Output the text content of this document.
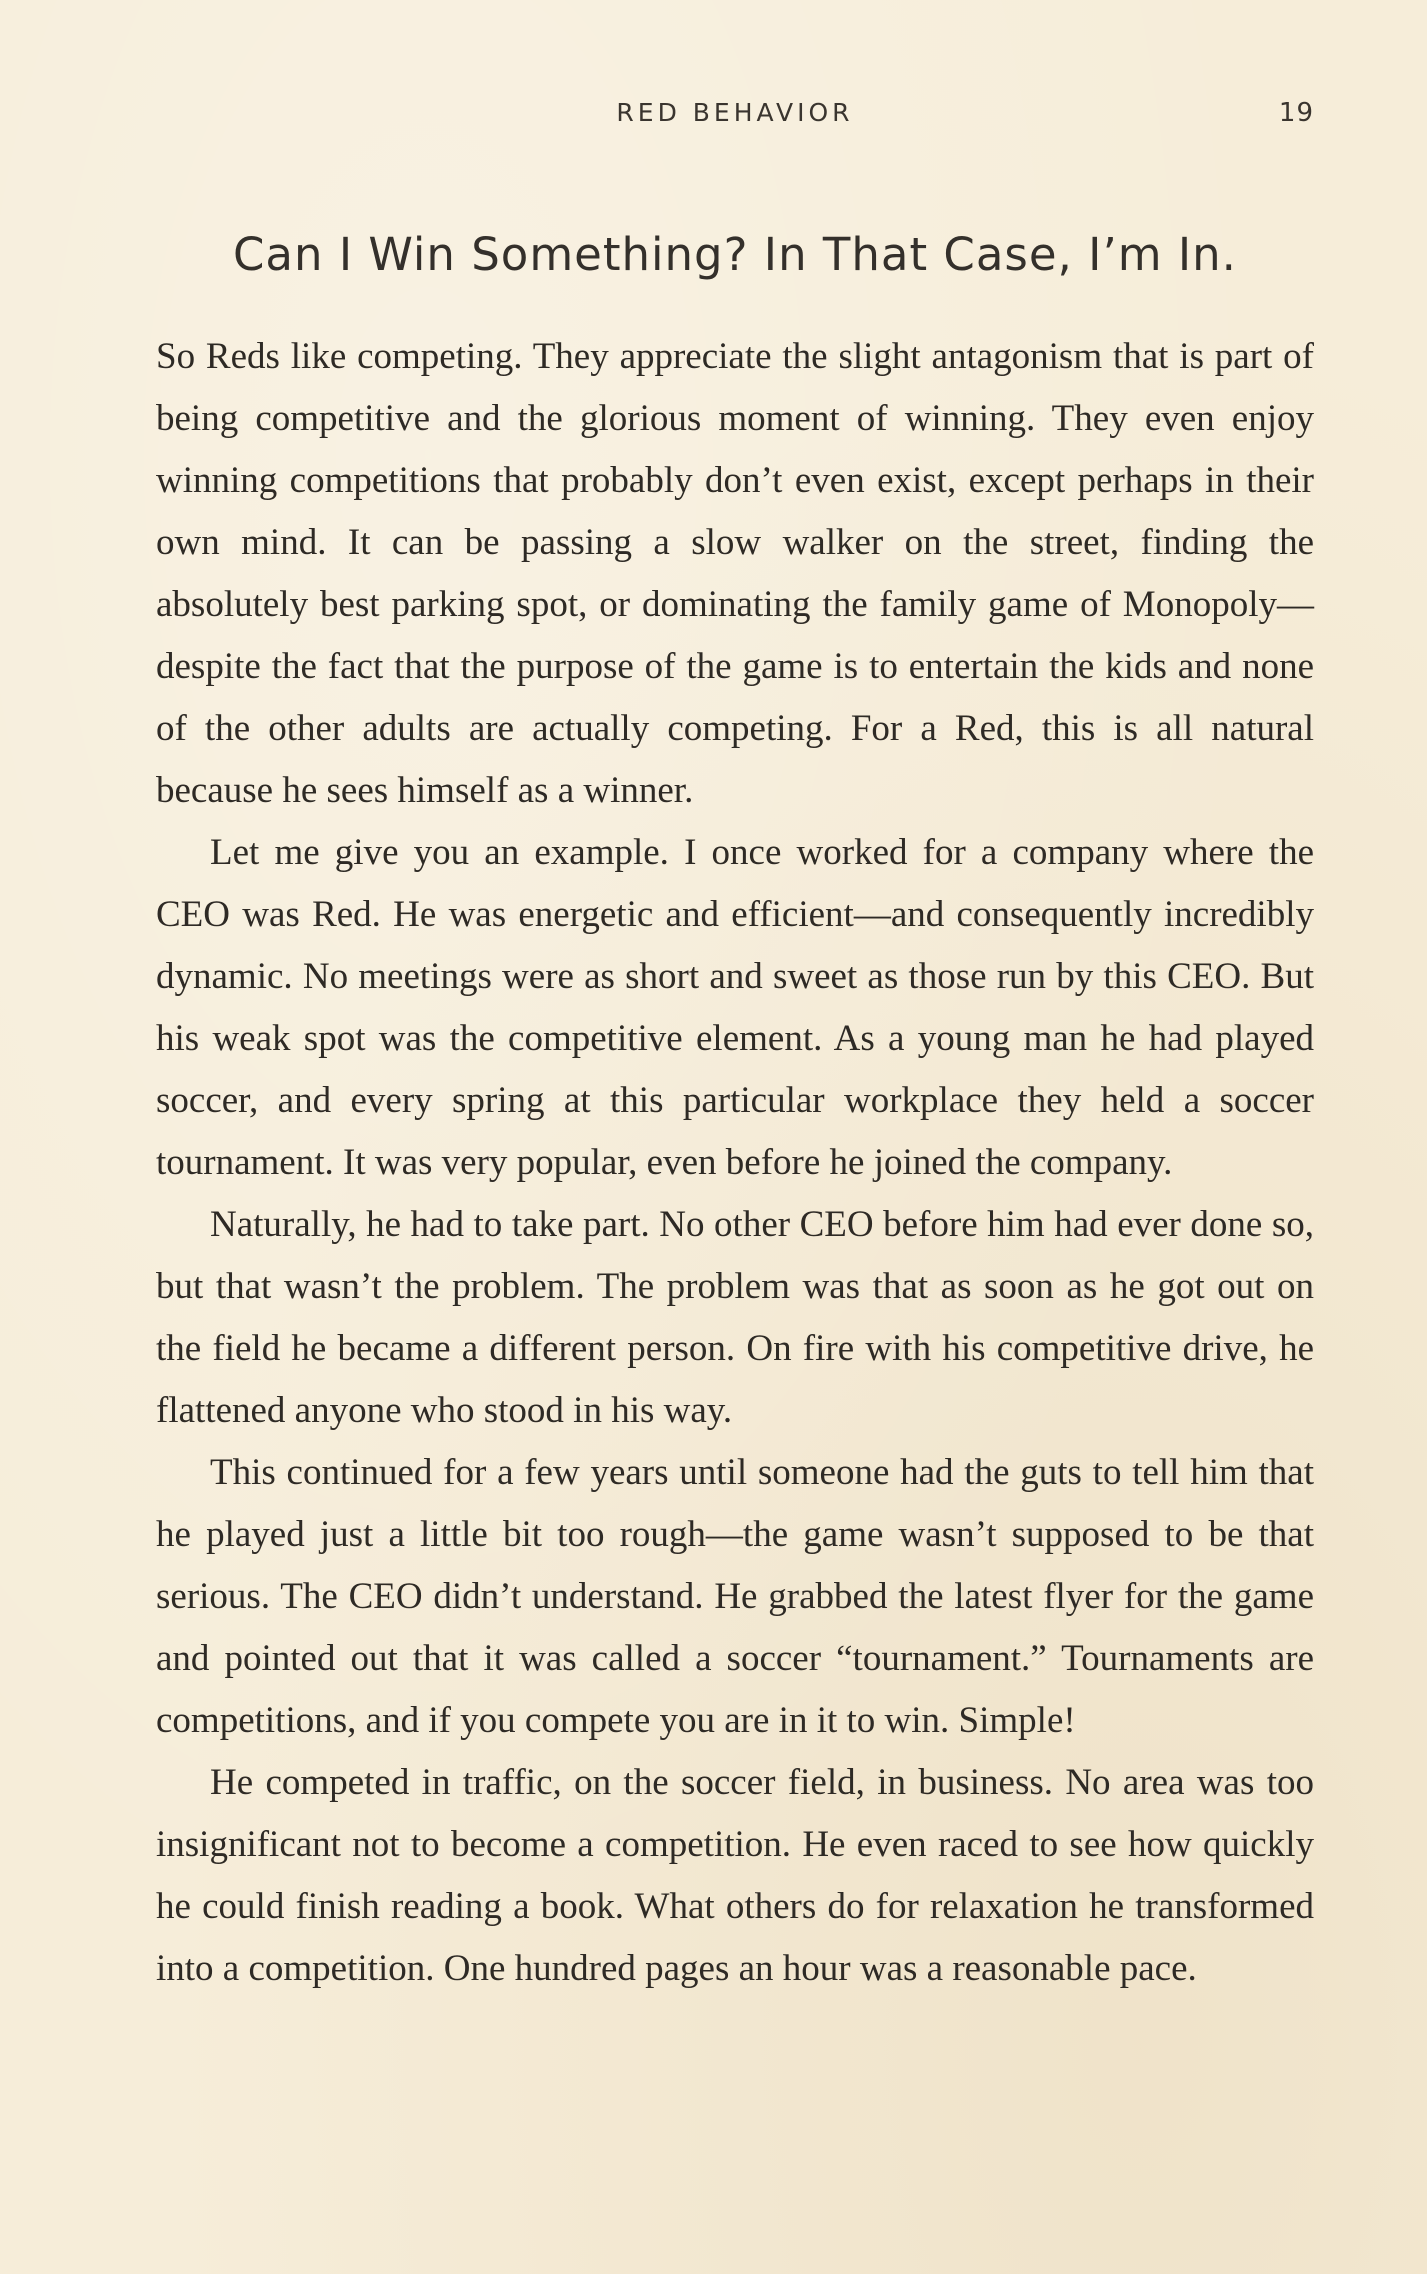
RED BEHAVIOR	19
Can I Win Something? In That Case, I’m In.

So Reds like competing. They appreciate the slight antagonism that is part of being competitive and the glorious moment of winning. They even enjoy winning competitions that probably don’t even exist, except perhaps in their own mind. It can be passing a slow walker on the street, finding the absolutely best parking spot, or dominating the family game of Monopoly—despite the fact that the purpose of the game is to entertain the kids and none of the other adults are actually competing. For a Red, this is all natural because he sees himself as a winner.

Let me give you an example. I once worked for a company where the CEO was Red. He was energetic and efficient—and consequently incredibly dynamic. No meetings were as short and sweet as those run by this CEO. But his weak spot was the competitive element. As a young man he had played soccer, and every spring at this particular workplace they held a soccer tournament. It was very popular, even before he joined the company.

Naturally, he had to take part. No other CEO before him had ever done so, but that wasn’t the problem. The problem was that as soon as he got out on the field he became a different person. On fire with his competitive drive, he flattened anyone who stood in his way.

This continued for a few years until someone had the guts to tell him that he played just a little bit too rough—the game wasn’t supposed to be that serious. The CEO didn’t understand. He grabbed the latest flyer for the game and pointed out that it was called a soccer “tournament.” Tournaments are competitions, and if you compete you are in it to win. Simple!

He competed in traffic, on the soccer field, in business. No area was too insignificant not to become a competition. He even raced to see how quickly he could finish reading a book. What others do for relaxation he transformed into a competition. One hundred pages an hour was a reasonable pace.
